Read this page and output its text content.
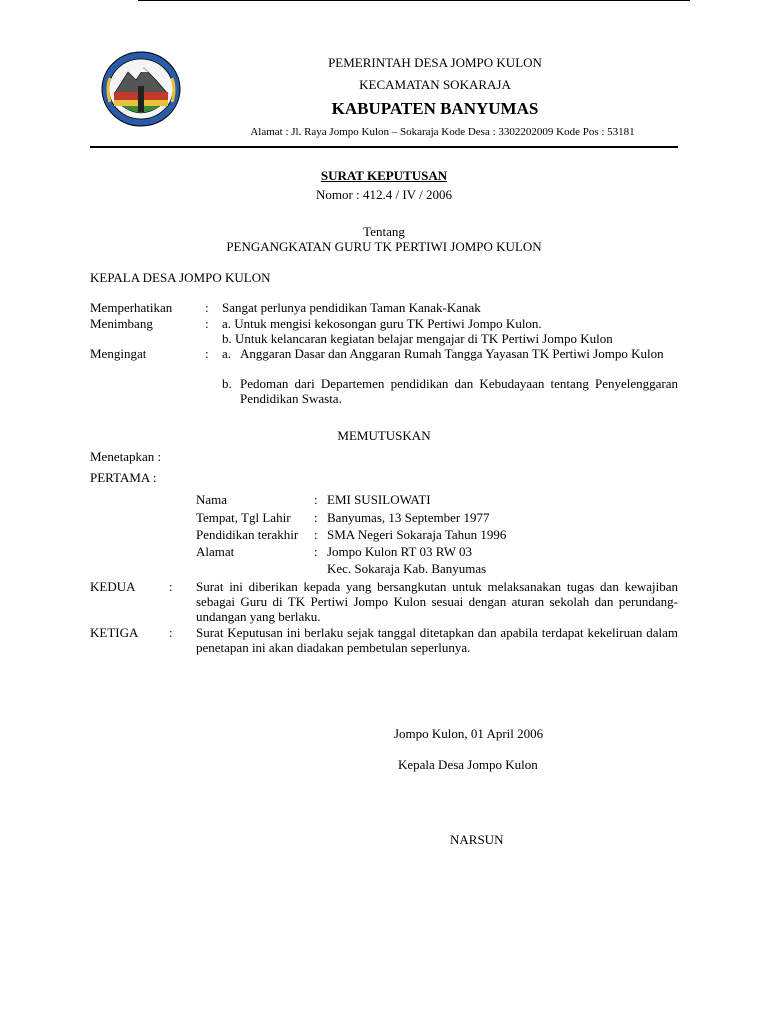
PEMERINTAH DESA JOMPO KULON
KECAMATAN SOKARAJA
KABUPATEN BANYUMAS
Alamat : Jl. Raya Jompo Kulon – Sokaraja Kode Desa : 3302202009 Kode Pos : 53181
SURAT KEPUTUSAN
Nomor : 412.4 / IV / 2006
Tentang
PENGANGKATAN GURU TK PERTIWI JOMPO KULON
KEPALA DESA JOMPO KULON
Memperhatikan	: Sangat perlunya pendidikan Taman Kanak-Kanak
Menimbang	: a. Untuk mengisi kekosongan guru TK Pertiwi Jompo Kulon.
b. Untuk kelancaran kegiatan belajar mengajar di TK Pertiwi Jompo Kulon
Mengingat	: a. Anggaran Dasar dan Anggaran Rumah Tangga Yayasan TK Pertiwi Jompo Kulon
b. Pedoman dari Departemen pendidikan dan Kebudayaan tentang Penyelenggaran Pendidikan Swasta.
MEMUTUSKAN
Menetapkan :
PERTAMA :
Nama	: EMI SUSILOWATI
Tempat, Tgl Lahir : Banyumas, 13 September 1977
Pendidikan terakhir : SMA Negeri Sokaraja Tahun 1996
Alamat	: Jompo Kulon RT 03 RW 03
Kec. Sokaraja Kab. Banyumas
KEDUA	: Surat ini diberikan kepada yang bersangkutan untuk melaksanakan tugas dan kewajiban sebagai Guru di TK Pertiwi Jompo Kulon sesuai dengan aturan sekolah dan perundang-undangan yang berlaku.
KETIGA : Surat Keputusan ini berlaku sejak tanggal ditetapkan dan apabila terdapat kekeliruan dalam penetapan ini akan diadakan pembetulan seperlunya.
Jompo Kulon, 01 April 2006
Kepala Desa Jompo Kulon
NARSUN
